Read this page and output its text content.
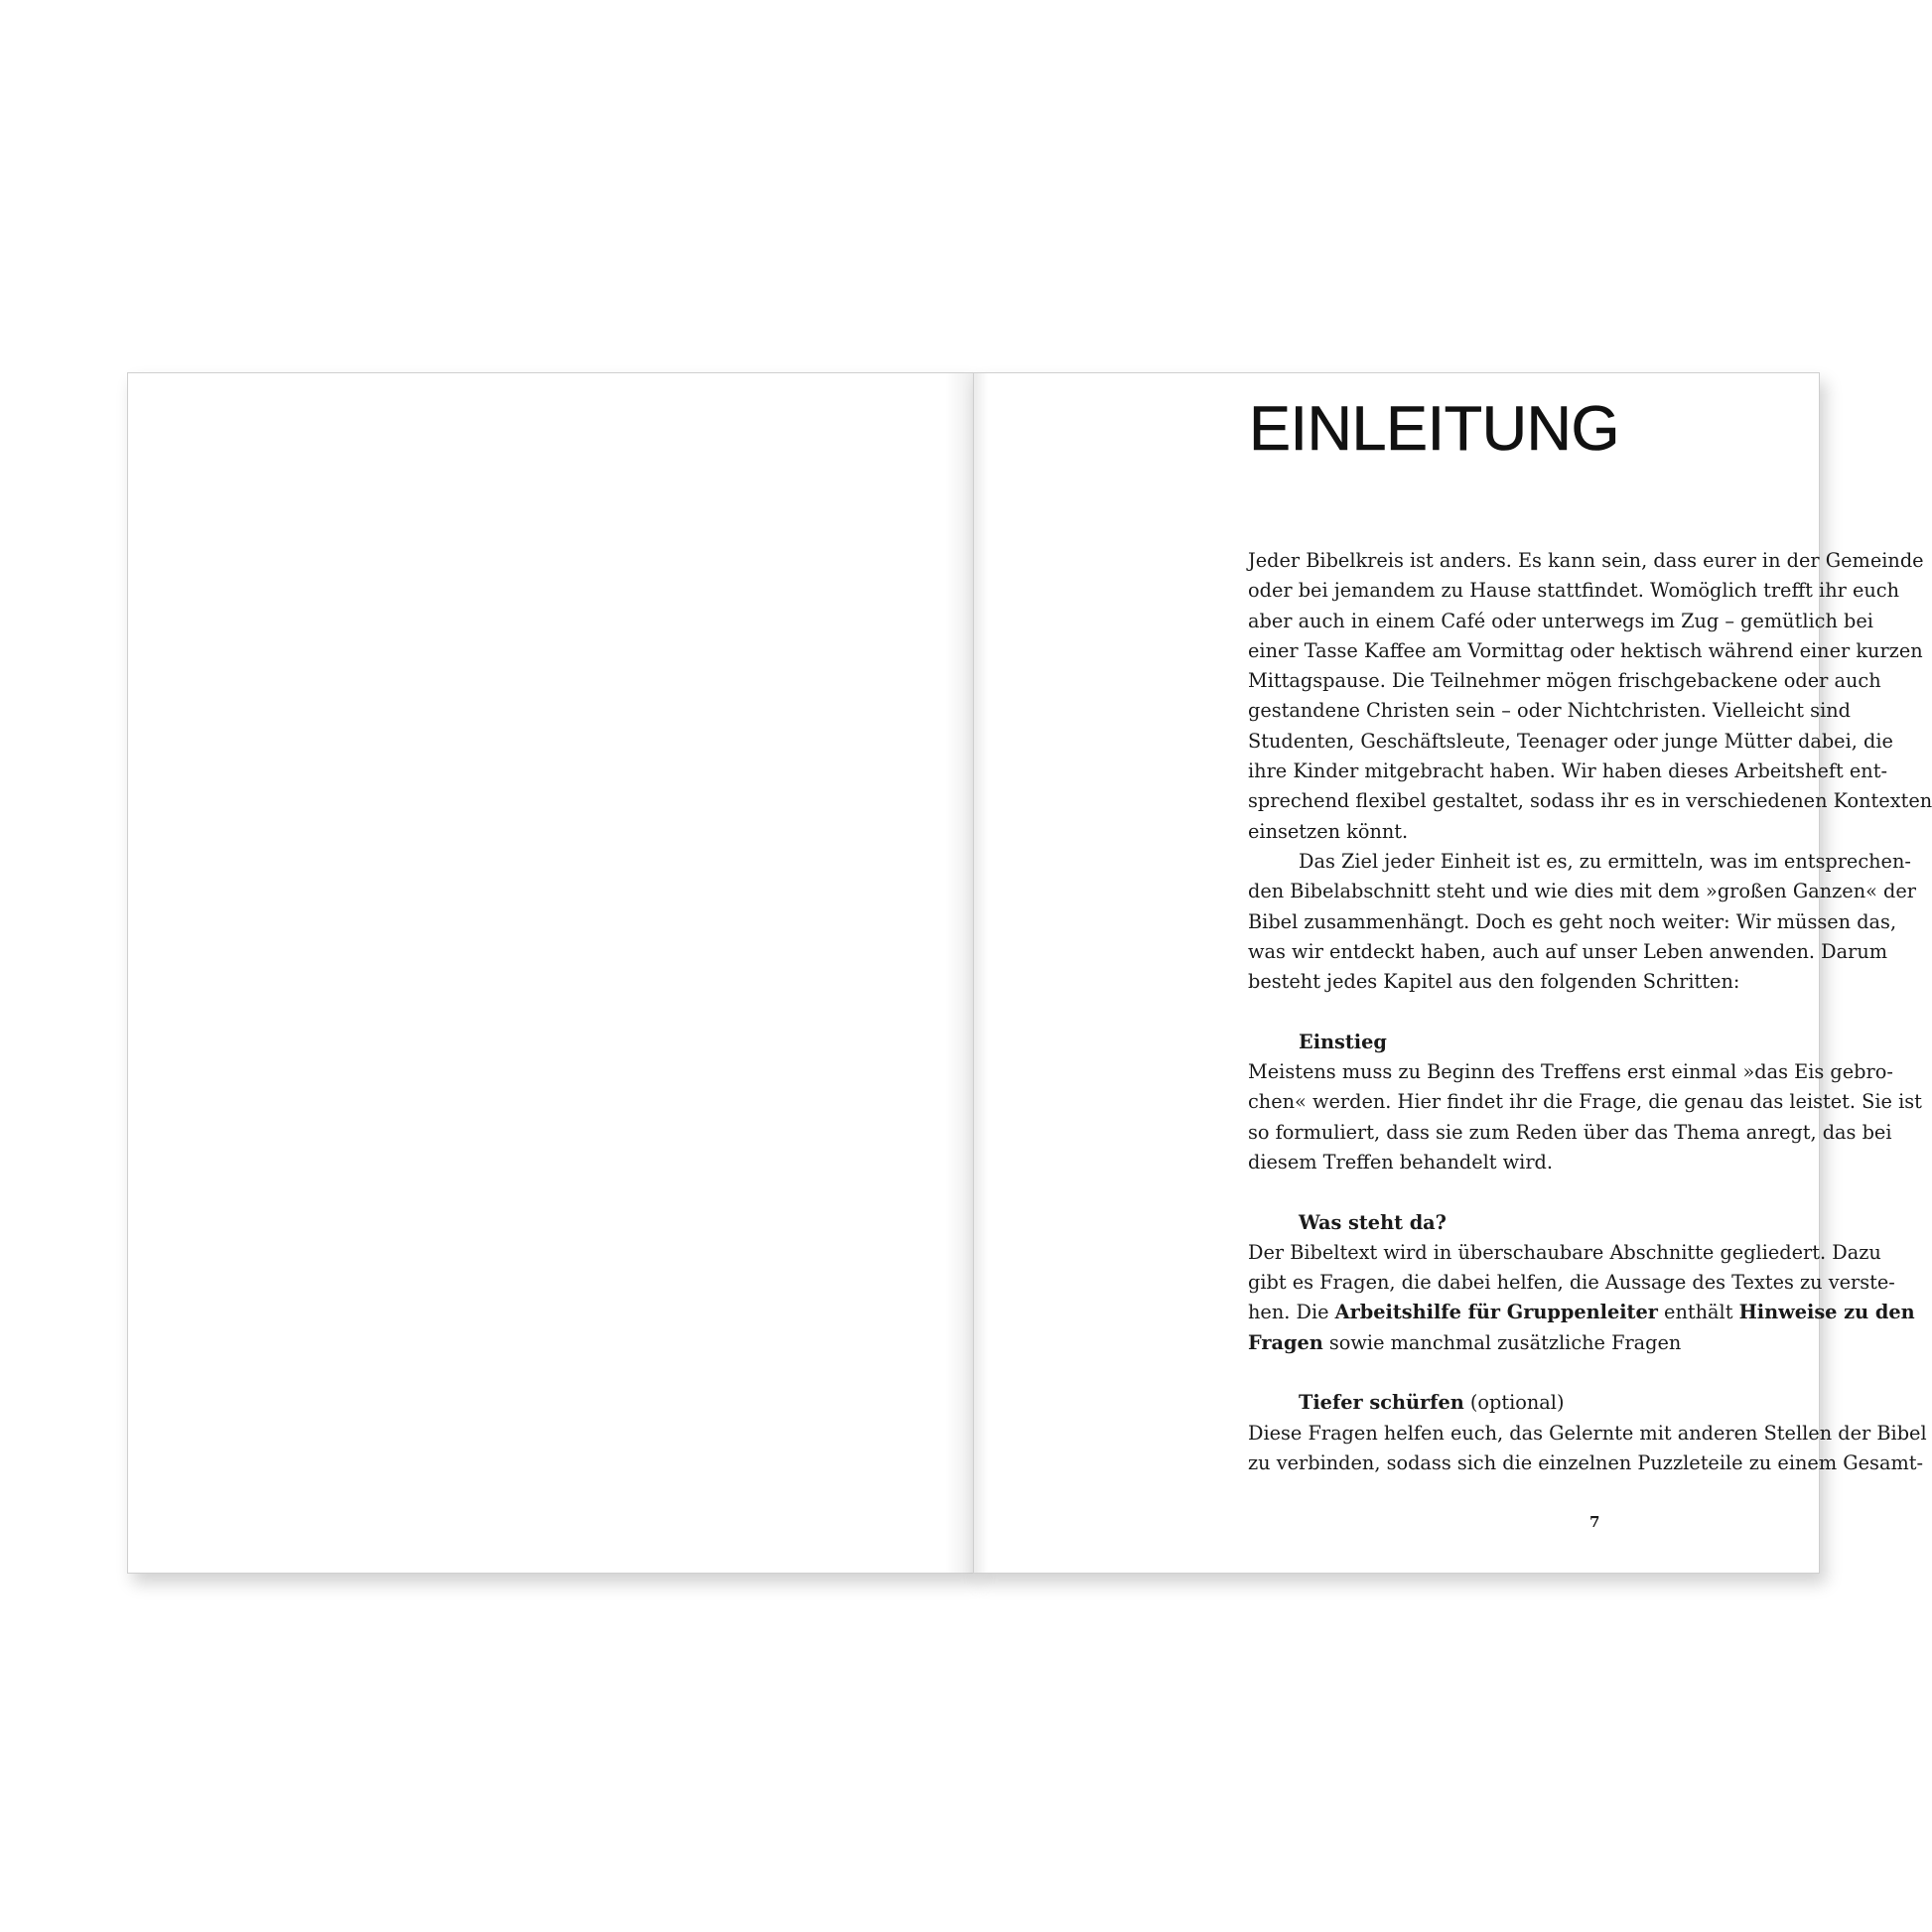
EINLEITUNG
Jeder Bibelkreis ist anders. Es kann sein, dass eurer in der Gemeinde
oder bei jemandem zu Hause stattfindet. Womöglich trefft ihr euch
aber auch in einem Café oder unterwegs im Zug – gemütlich bei
einer Tasse Kaffee am Vormittag oder hektisch während einer kurzen
Mittagspause. Die Teilnehmer mögen frischgebackene oder auch
gestandene Christen sein – oder Nichtchristen. Vielleicht sind
Studenten, Geschäftsleute, Teenager oder junge Mütter dabei, die
ihre Kinder mitgebracht haben. Wir haben dieses Arbeitsheft ent-
sprechend flexibel gestaltet, sodass ihr es in verschiedenen Kontexten
einsetzen könnt.
Das Ziel jeder Einheit ist es, zu ermitteln, was im entsprechen-
den Bibelabschnitt steht und wie dies mit dem »großen Ganzen« der
Bibel zusammenhängt. Doch es geht noch weiter: Wir müssen das,
was wir entdeckt haben, auch auf unser Leben anwenden. Darum
besteht jedes Kapitel aus den folgenden Schritten:
Einstieg
Meistens muss zu Beginn des Treffens erst einmal »das Eis gebro-
chen« werden. Hier findet ihr die Frage, die genau das leistet. Sie ist
so formuliert, dass sie zum Reden über das Thema anregt, das bei
diesem Treffen behandelt wird.
Was steht da?
Der Bibeltext wird in überschaubare Abschnitte gegliedert. Dazu
gibt es Fragen, die dabei helfen, die Aussage des Textes zu verste-
hen. Die Arbeitshilfe für Gruppenleiter enthält Hinweise zu den
Fragen sowie manchmal zusätzliche Fragen
Tiefer schürfen (optional)
Diese Fragen helfen euch, das Gelernte mit anderen Stellen der Bibel
zu verbinden, sodass sich die einzelnen Puzzleteile zu einem Gesamt-
7
